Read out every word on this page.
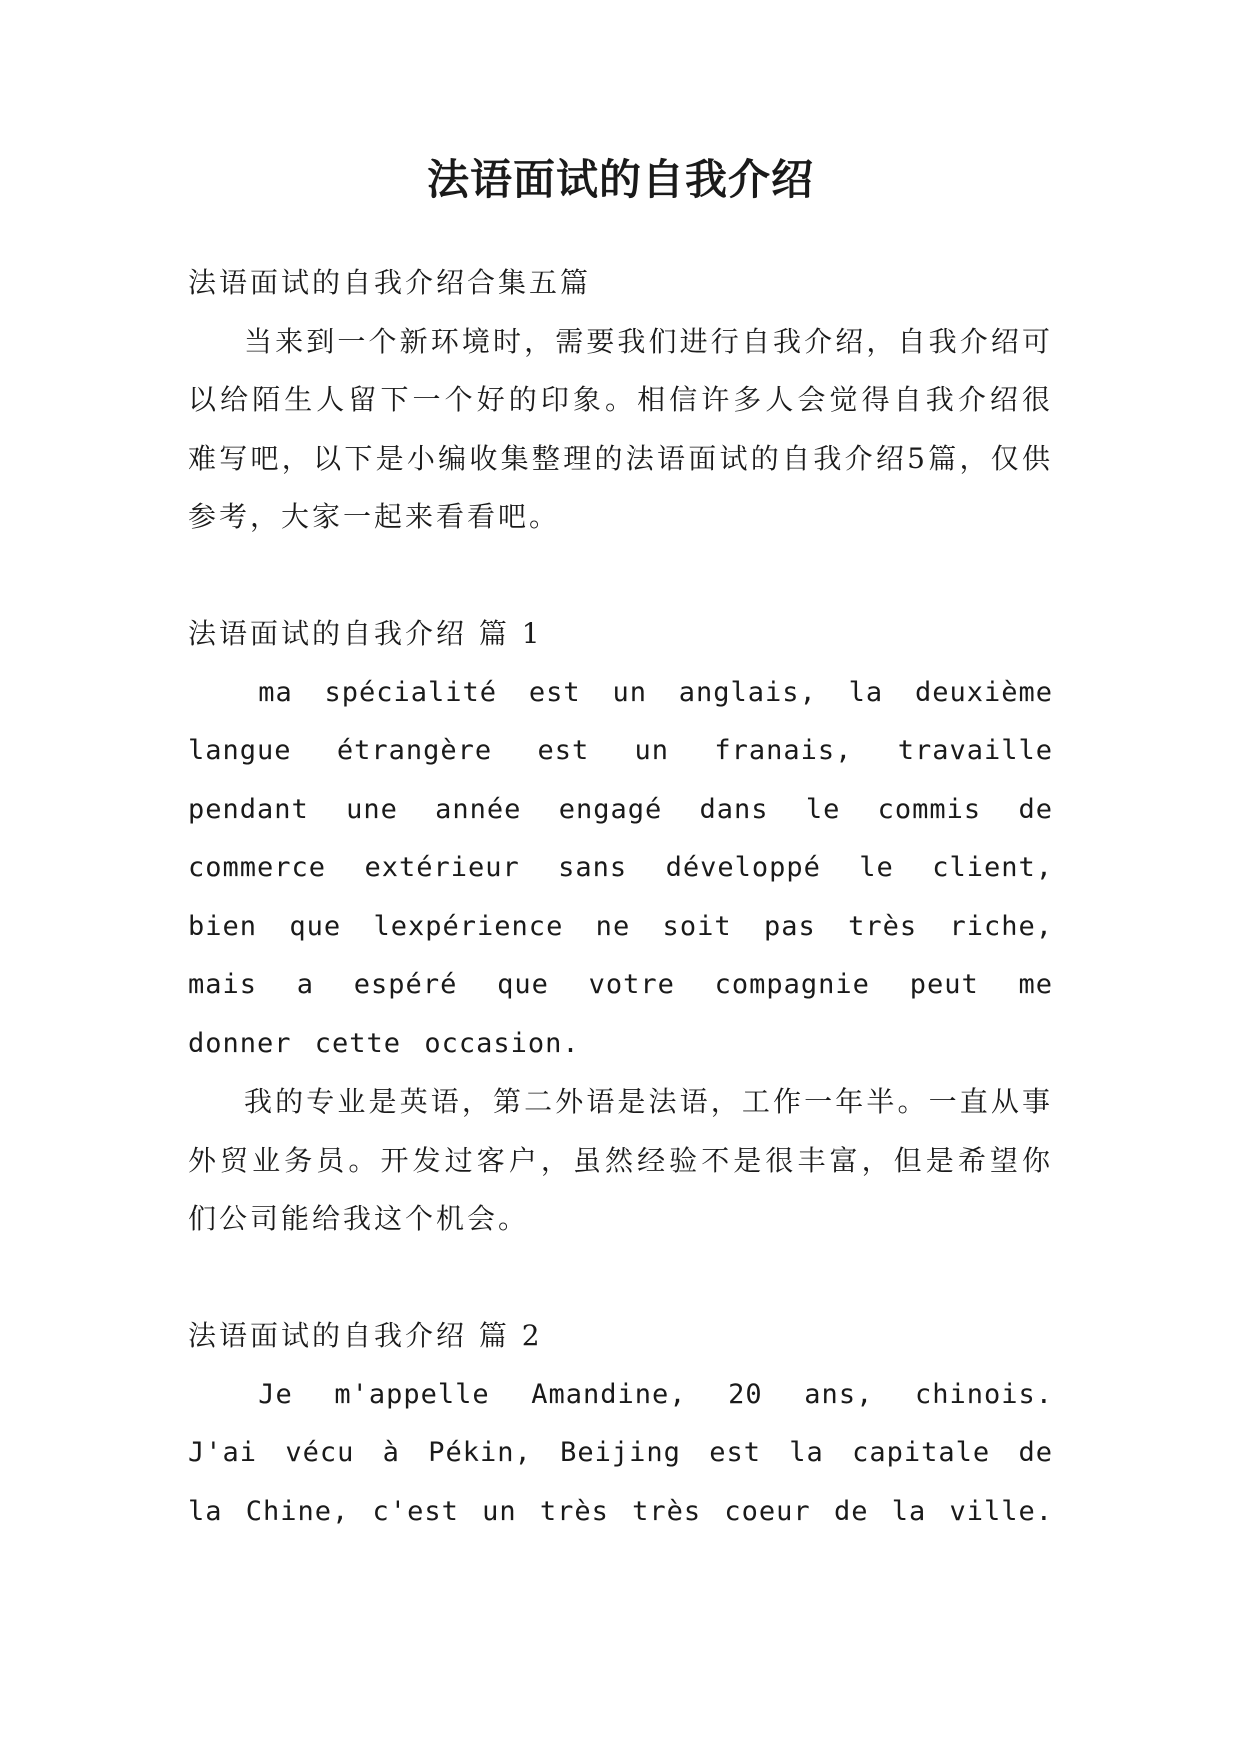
法语面试的自我介绍

法语面试的自我介绍合集五篇

当来到一个新环境时，需要我们进行自我介绍，自我介绍可以给陌生人留下一个好的印象。相信许多人会觉得自我介绍很难写吧，以下是小编收集整理的法语面试的自我介绍5篇，仅供参考，大家一起来看看吧。

法语面试的自我介绍 篇 1

ma spécialité est un anglais, la deuxième langue étrangère est un franais, travaille pendant une année engagé dans le commis de commerce extérieur sans développé le client, bien que lexpérience ne soit pas très riche, mais a espéré que votre compagnie peut me donner cette occasion.

我的专业是英语，第二外语是法语，工作一年半。一直从事外贸业务员。开发过客户，虽然经验不是很丰富，但是希望你们公司能给我这个机会。

法语面试的自我介绍 篇 2

Je m'appelle Amandine, 20 ans, chinois. J'ai vécu à Pékin, Beijing est la capitale de la Chine, c'est un très très coeur de la ville.
